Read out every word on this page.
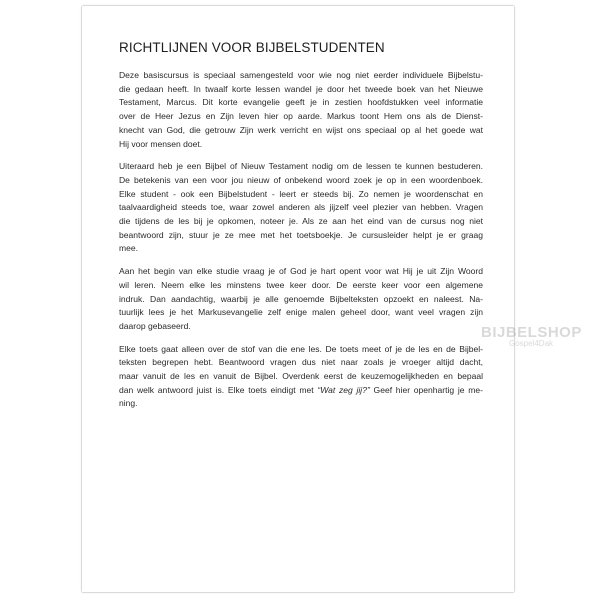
RICHTLIJNEN VOOR BIJBELSTUDENTEN
Deze basiscursus is speciaal samengesteld voor wie nog niet eerder individuele Bijbelstu-
die gedaan heeft. In twaalf korte lessen wandel je door het tweede boek van het Nieuwe
Testament, Marcus. Dit korte evangelie geeft je in zestien hoofdstukken veel informatie
over de Heer Jezus en Zijn leven hier op aarde. Markus toont Hem ons als de Dienst-
knecht van God, die getrouw Zijn werk verricht en wijst ons speciaal op al het goede wat
Hij voor mensen doet.
Uiteraard heb je een Bijbel of Nieuw Testament nodig om de lessen te kunnen bestuderen.
De betekenis van een voor jou nieuw of onbekend woord zoek je op in een woordenboek.
Elke student - ook een Bijbelstudent - leert er steeds bij. Zo nemen je woordenschat en
taalvaardigheid steeds toe, waar zowel anderen als jijzelf veel plezier van hebben. Vragen
die tijdens de les bij je opkomen, noteer je. Als ze aan het eind van de cursus nog niet
beantwoord zijn, stuur je ze mee met het toetsboekje. Je cursusleider helpt je er graag
mee.
Aan het begin van elke studie vraag je of God je hart opent voor wat Hij je uit Zijn Woord
wil leren. Neem elke les minstens twee keer door. De eerste keer voor een algemene
indruk. Dan aandachtig, waarbij je alle genoemde Bijbelteksten opzoekt en naleest. Na-
tuurlijk lees je het Markusevangelie zelf enige malen geheel door, want veel vragen zijn
daarop gebaseerd.
Elke toets gaat alleen over de stof van die ene les. De toets meet of je de les en de Bijbel-
teksten begrepen hebt. Beantwoord vragen dus niet naar zoals je vroeger altijd dacht,
maar vanuit de les en vanuit de Bijbel. Overdenk eerst de keuzemogelijkheden en bepaal
dan welk antwoord juist is. Elke toets eindigt met “Wat zeg jij?” Geef hier openhartig je me-
ning.
BIJBELSHOP
Gospel4Dak
